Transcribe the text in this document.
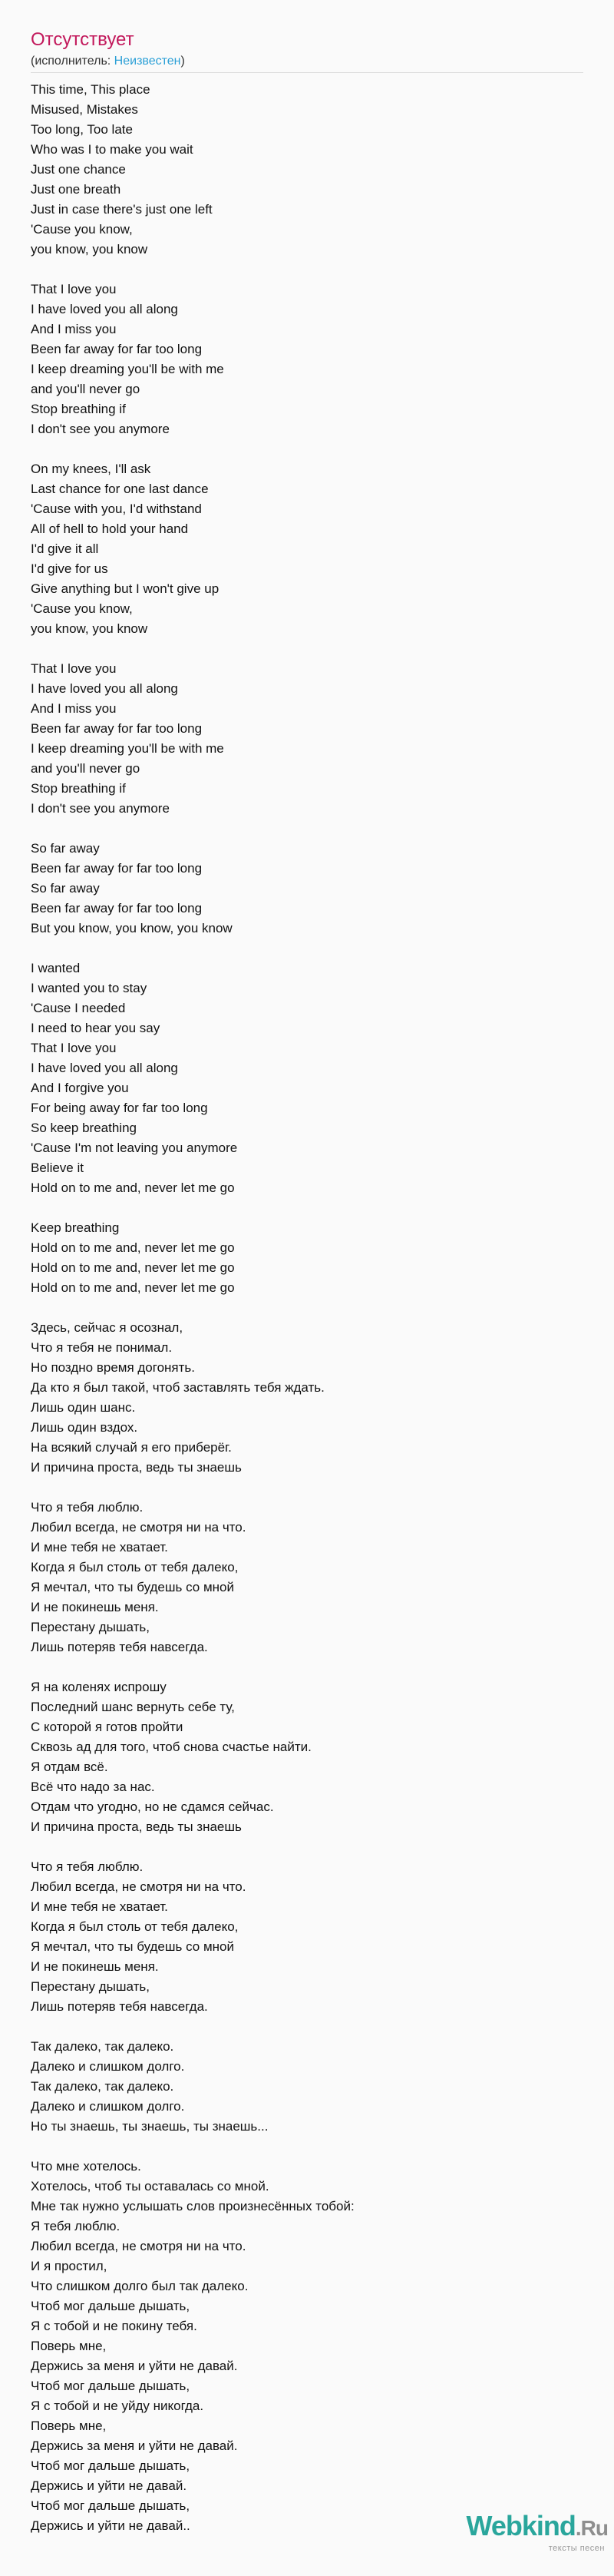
Отсутствует
(исполнитель: Неизвестен)
This time, This place
Misused, Mistakes
Too long, Too late
Who was I to make you wait
Just one chance
Just one breath
Just in case there's just one left
'Cause you know,
you know, you know
That I love you
I have loved you all along
And I miss you
Been far away for far too long
I keep dreaming you'll be with me
and you'll never go
Stop breathing if
I don't see you anymore
On my knees, I'll ask
Last chance for one last dance
'Cause with you, I'd withstand
All of hell to hold your hand
I'd give it all
I'd give for us
Give anything but I won't give up
'Cause you know,
you know, you know
That I love you
I have loved you all along
And I miss you
Been far away for far too long
I keep dreaming you'll be with me
and you'll never go
Stop breathing if
I don't see you anymore
So far away
Been far away for far too long
So far away
Been far away for far too long
But you know, you know, you know
I wanted
I wanted you to stay
'Cause I needed
I need to hear you say
That I love you
I have loved you all along
And I forgive you
For being away for far too long
So keep breathing
'Cause I'm not leaving you anymore
Believe it
Hold on to me and, never let me go
Keep breathing
Hold on to me and, never let me go
Hold on to me and, never let me go
Hold on to me and, never let me go
Здесь, сейчас я осознал,
Что я тебя не понимал.
Но поздно время догонять.
Да кто я был такой, чтоб заставлять тебя ждать.
Лишь один шанс.
Лишь один вздох.
На всякий случай я его приберёг.
И причина проста, ведь ты знаешь
Что я тебя люблю.
Любил всегда, не смотря ни на что.
И мне тебя не хватает.
Когда я был столь от тебя далеко,
Я мечтал, что ты будешь со мной
И не покинешь меня.
Перестану дышать,
Лишь потеряв тебя навсегда.
Я на коленях испрошу
Последний шанс вернуть себе ту,
С которой я готов пройти
Сквозь ад для того, чтоб снова счастье найти.
Я отдам всё.
Всё что надо за нас.
Отдам что угодно, но не сдамся сейчас.
И причина проста, ведь ты знаешь
Что я тебя люблю.
Любил всегда, не смотря ни на что.
И мне тебя не хватает.
Когда я был столь от тебя далеко,
Я мечтал, что ты будешь со мной
И не покинешь меня.
Перестану дышать,
Лишь потеряв тебя навсегда.
Так далеко, так далеко.
Далеко и слишком долго.
Так далеко, так далеко.
Далеко и слишком долго.
Но ты знаешь, ты знаешь, ты знаешь...
Что мне хотелось.
Хотелось, чтоб ты оставалась со мной.
Мне так нужно услышать слов произнесённых тобой:
Я тебя люблю.
Любил всегда, не смотря ни на что.
И я простил,
Что слишком долго был так далеко.
Чтоб мог дальше дышать,
Я с тобой и не покину тебя.
Поверь мне,
Держись за меня и уйти не давай.
Чтоб мог дальше дышать,
Я с тобой и не уйду никогда.
Поверь мне,
Держись за меня и уйти не давай.
Чтоб мог дальше дышать,
Держись и уйти не давай.
Чтоб мог дальше дышать,
Держись и уйти не давай..	Webkind.Ru
тексты песен
